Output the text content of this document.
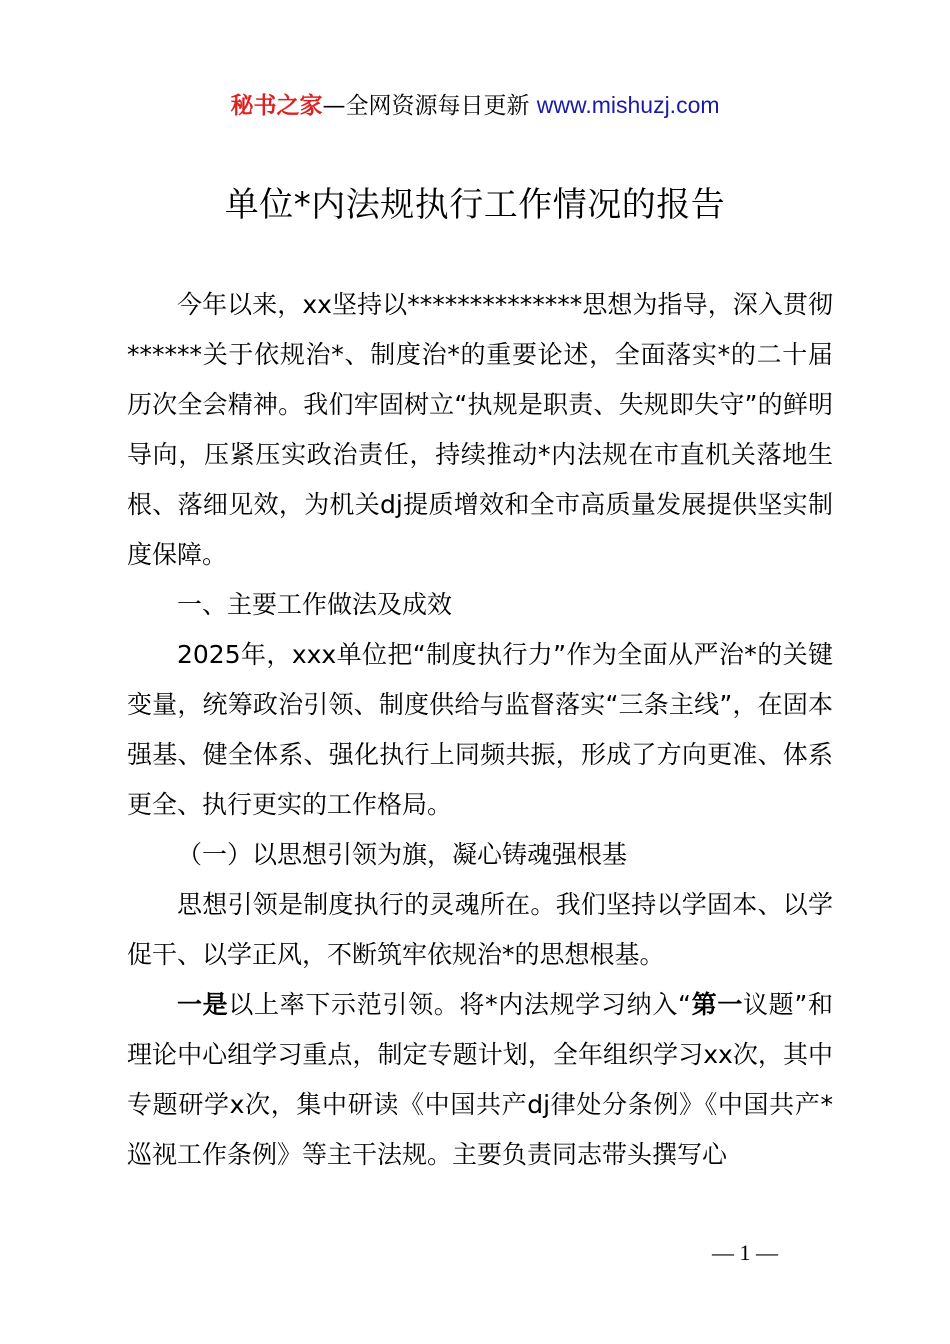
秘书之家—全网资源每日更新 www.mishuzj.com
单位*内法规执行工作情况的报告

今年以来，xx坚持以**************思想为指导，深入贯彻******关于依规治*、制度治*的重要论述，全面落实*的二十届历次全会精神。我们牢固树立“执规是职责、失规即失守”的鲜明导向，压紧压实政治责任，持续推动*内法规在市直机关落地生根、落细见效，为机关dj提质增效和全市高质量发展提供坚实制度保障。

一、主要工作做法及成效

2025年，xxx单位把“制度执行力”作为全面从严治*的关键变量，统筹政治引领、制度供给与监督落实“三条主线”，在固本强基、健全体系、强化执行上同频共振，形成了方向更准、体系更全、执行更实的工作格局。

（一）以思想引领为旗，凝心铸魂强根基

思想引领是制度执行的灵魂所在。我们坚持以学固本、以学促干、以学正风，不断筑牢依规治*的思想根基。

一是以上率下示范引领。将*内法规学习纳入“第一议题”和理论中心组学习重点，制定专题计划，全年组织学习xx次，其中专题研学x次，集中研读《中国共产dj律处分条例》《中国共产*巡视工作条例》等主干法规。主要负责同志带头撰写心

— 1 —
